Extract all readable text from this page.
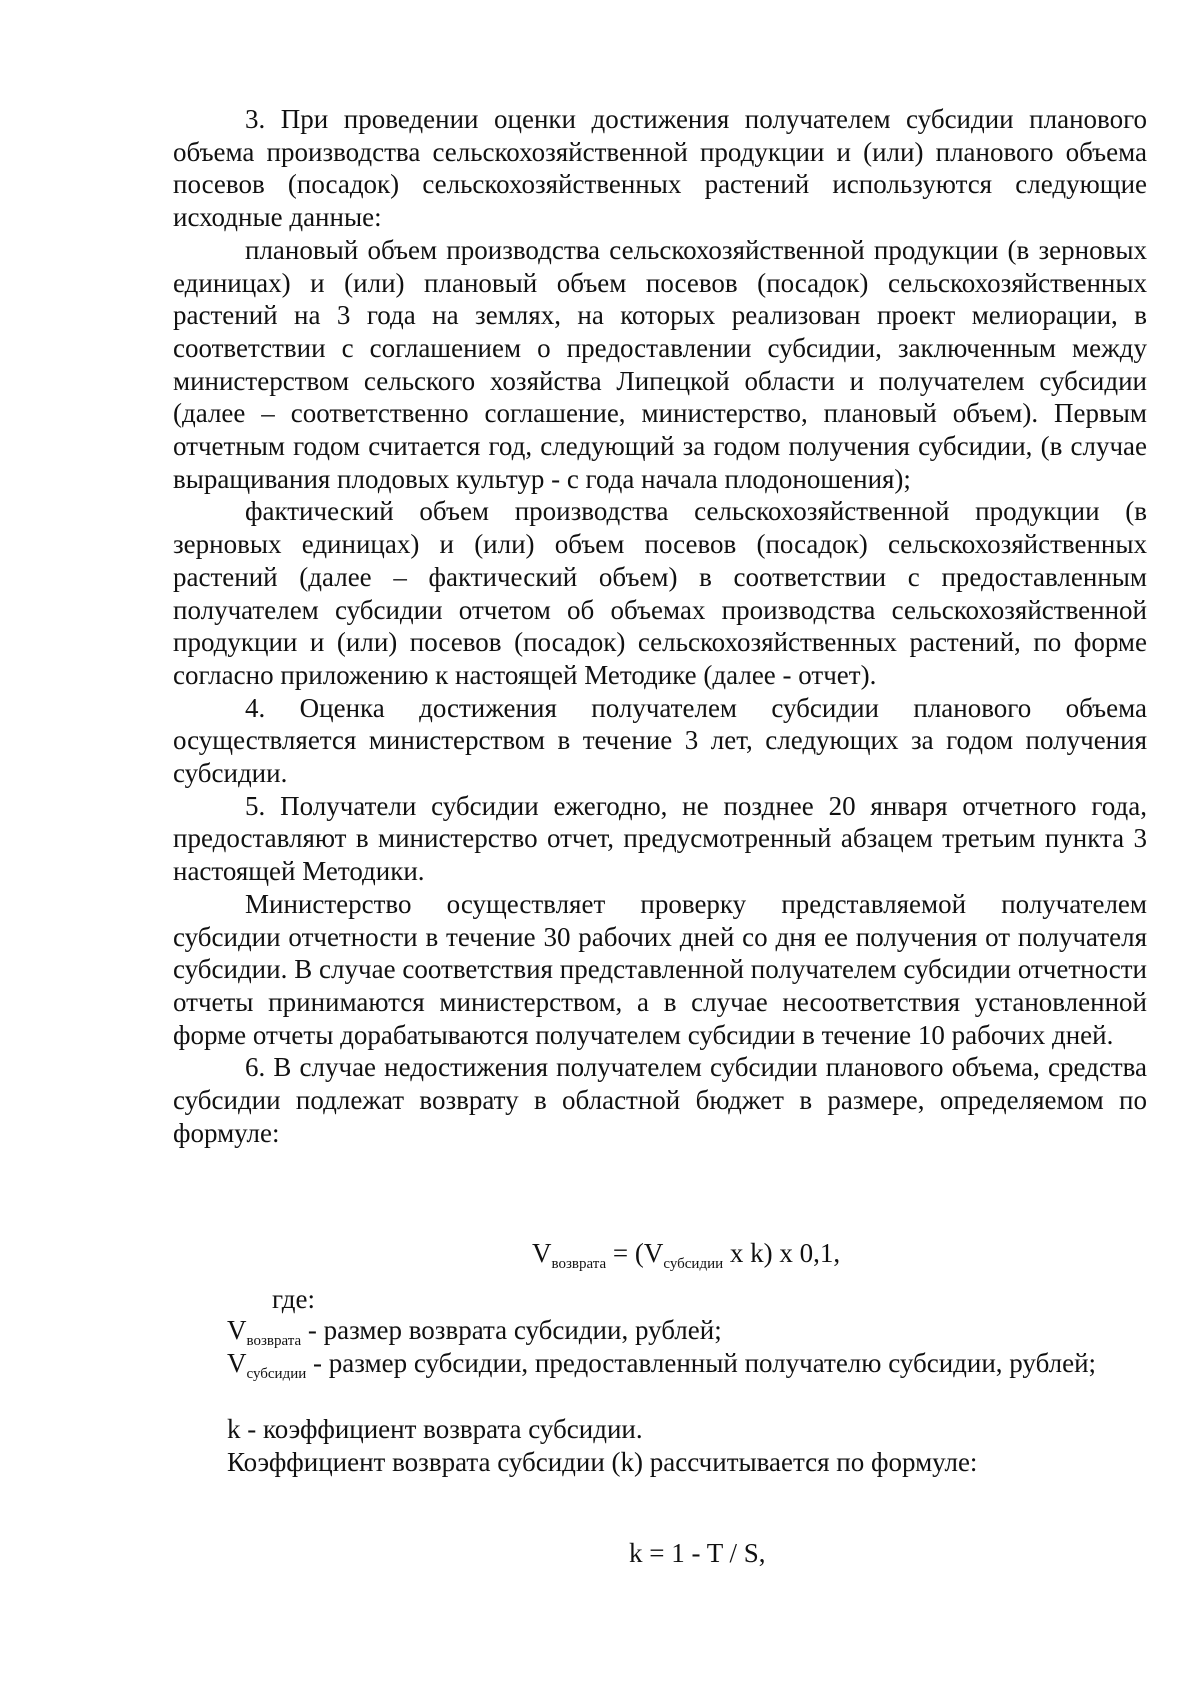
3. При проведении оценки достижения получателем субсидии планового объема производства сельскохозяйственной продукции и (или) планового объема посевов (посадок) сельскохозяйственных растений используются следующие исходные данные:

плановый объем производства сельскохозяйственной продукции (в зерновых единицах) и (или) плановый объем посевов (посадок) сельскохозяйственных растений на 3 года на землях, на которых реализован проект мелиорации, в соответствии с соглашением о предоставлении субсидии, заключенным между министерством сельского хозяйства Липецкой области и получателем субсидии (далее – соответственно соглашение, министерство, плановый объем). Первым отчетным годом считается год, следующий за годом получения субсидии, (в случае выращивания плодовых культур - с года начала плодоношения);

фактический объем производства сельскохозяйственной продукции (в зерновых единицах) и (или) объем посевов (посадок) сельскохозяйственных растений (далее – фактический объем) в соответствии с предоставленным получателем субсидии отчетом об объемах производства сельскохозяйственной продукции и (или) посевов (посадок) сельскохозяйственных растений, по форме согласно приложению к настоящей Методике (далее - отчет).

4. Оценка достижения получателем субсидии планового объема осуществляется министерством в течение 3 лет, следующих за годом получения субсидии.

5. Получатели субсидии ежегодно, не позднее 20 января отчетного года, предоставляют в министерство отчет, предусмотренный абзацем третьим пункта 3 настоящей Методики.

Министерство осуществляет проверку представляемой получателем субсидии отчетности в течение 30 рабочих дней со дня ее получения от получателя субсидии. В случае соответствия представленной получателем субсидии отчетности отчеты принимаются министерством, а в случае несоответствия установленной форме отчеты дорабатываются получателем субсидии в течение 10 рабочих дней.

6. В случае недостижения получателем субсидии планового объема, средства субсидии подлежат возврату в областной бюджет в размере, определяемом по формуле:

$V_{возврата} = (V_{субсидии}$ x k) x 0,1,

где:

$V_{возврата}$ - размер возврата субсидии, рублей;

$V_{субсидии}$ - размер субсидии, предоставленный получателю субсидии, рублей;

k - коэффициент возврата субсидии.

Коэффициент возврата субсидии (k) рассчитывается по формуле:

k = 1 - T / S,
